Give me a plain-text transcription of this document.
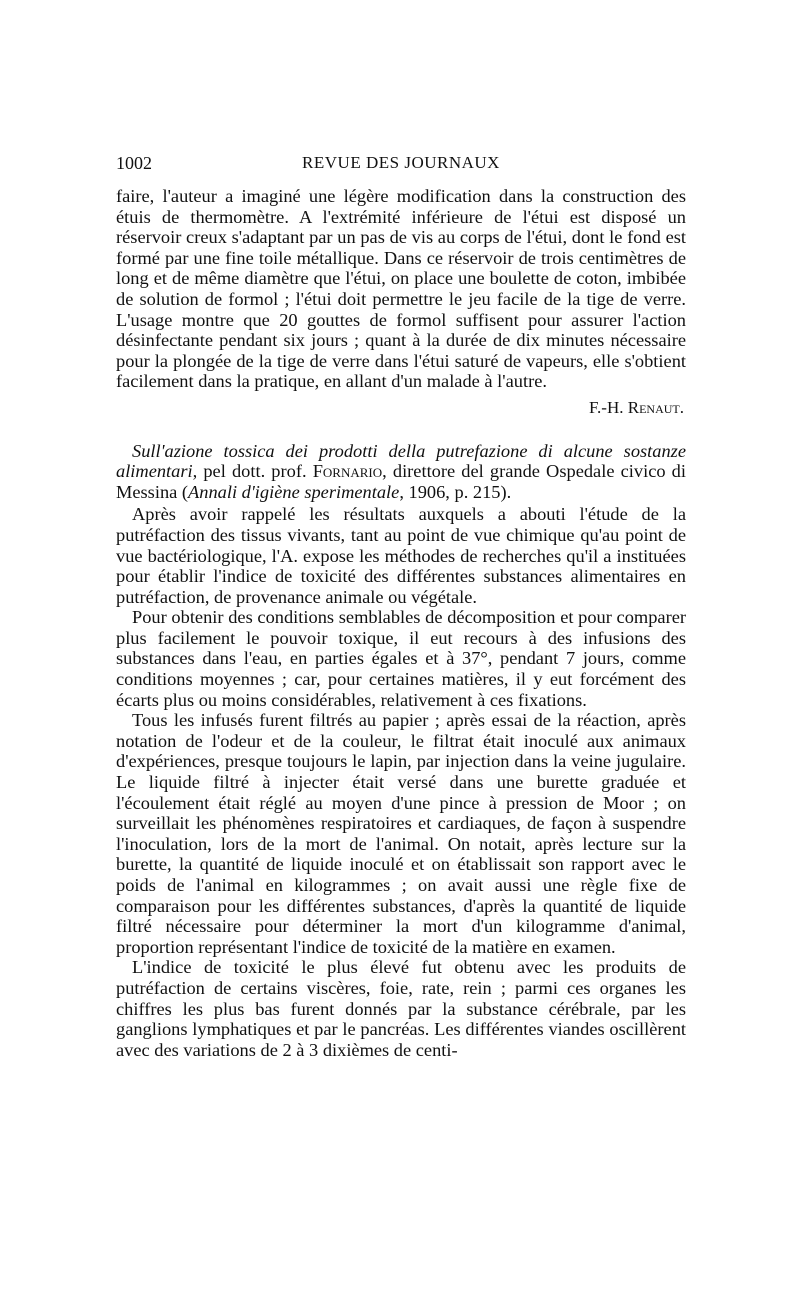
1002	REVUE DES JOURNAUX

faire, l'auteur a imaginé une légère modification dans la construction des étuis de thermomètre. A l'extrémité inférieure de l'étui est disposé un réservoir creux s'adaptant par un pas de vis au corps de l'étui, dont le fond est formé par une fine toile métallique. Dans ce réservoir de trois centimètres de long et de même diamètre que l'étui, on place une boulette de coton, imbibée de solution de formol ; l'étui doit permettre le jeu facile de la tige de verre. L'usage montre que 20 gouttes de formol suffisent pour assurer l'action désinfectante pendant six jours ; quant à la durée de dix minutes nécessaire pour la plongée de la tige de verre dans l'étui saturé de vapeurs, elle s'obtient facilement dans la pratique, en allant d'un malade à l'autre.

F.-H. Renaut.

Sull'azione tossica dei prodotti della putrefazione di alcune sostanze alimentari, pel dott. prof. Fornario, direttore del grande Ospedale civico di Messina (Annali d'igiène sperimentale, 1906, p. 215).

Après avoir rappelé les résultats auxquels a abouti l'étude de la putréfaction des tissus vivants, tant au point de vue chimique qu'au point de vue bactériologique, l'A. expose les méthodes de recherches qu'il a instituées pour établir l'indice de toxicité des différentes substances alimentaires en putréfaction, de provenance animale ou végétale.

Pour obtenir des conditions semblables de décomposition et pour comparer plus facilement le pouvoir toxique, il eut recours à des infusions des substances dans l'eau, en parties égales et à 37°, pendant 7 jours, comme conditions moyennes ; car, pour certaines matières, il y eut forcément des écarts plus ou moins considérables, relativement à ces fixations.

Tous les infusés furent filtrés au papier ; après essai de la réaction, après notation de l'odeur et de la couleur, le filtrat était inoculé aux animaux d'expériences, presque toujours le lapin, par injection dans la veine jugulaire. Le liquide filtré à injecter était versé dans une burette graduée et l'écoulement était réglé au moyen d'une pince à pression de Moor ; on surveillait les phénomènes respiratoires et cardiaques, de façon à suspendre l'inoculation, lors de la mort de l'animal. On notait, après lecture sur la burette, la quantité de liquide inoculé et on établissait son rapport avec le poids de l'animal en kilogrammes ; on avait aussi une règle fixe de comparaison pour les différentes substances, d'après la quantité de liquide filtré nécessaire pour déterminer la mort d'un kilogramme d'animal, proportion représentant l'indice de toxicité de la matière en examen.

L'indice de toxicité le plus élevé fut obtenu avec les produits de putréfaction de certains viscères, foie, rate, rein ; parmi ces organes les chiffres les plus bas furent donnés par la substance cérébrale, par les ganglions lymphatiques et par le pancréas. Les différentes viandes oscillèrent avec des variations de 2 à 3 dixièmes de centi-
